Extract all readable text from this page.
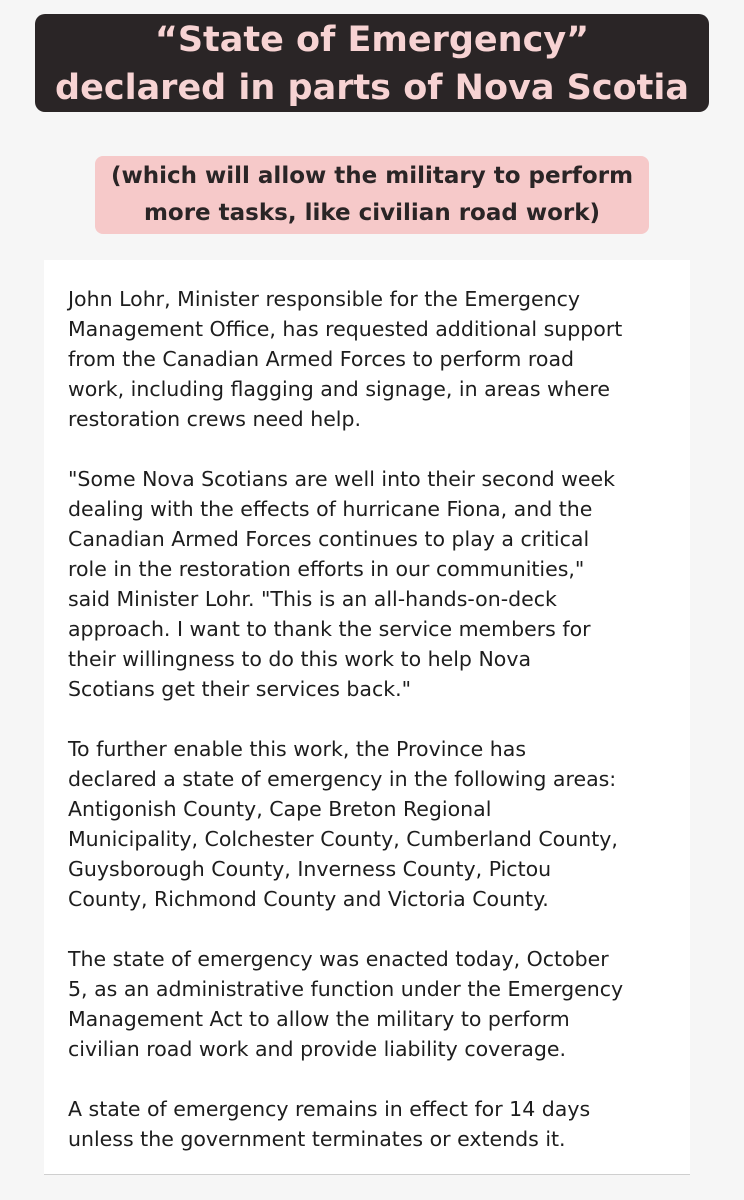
“State of Emergency”
declared in parts of Nova Scotia
(which will allow the military to perform
more tasks, like civilian road work)

John Lohr, Minister responsible for the Emergency
Management Office, has requested additional support
from the Canadian Armed Forces to perform road
work, including flagging and signage, in areas where
restoration crews need help.

"Some Nova Scotians are well into their second week
dealing with the effects of hurricane Fiona, and the
Canadian Armed Forces continues to play a critical
role in the restoration efforts in our communities,"
said Minister Lohr. "This is an all-hands-on-deck
approach. I want to thank the service members for
their willingness to do this work to help Nova
Scotians get their services back."

To further enable this work, the Province has
declared a state of emergency in the following areas:
Antigonish County, Cape Breton Regional
Municipality, Colchester County, Cumberland County,
Guysborough County, Inverness County, Pictou
County, Richmond County and Victoria County.

The state of emergency was enacted today, October
5, as an administrative function under the Emergency
Management Act to allow the military to perform
civilian road work and provide liability coverage.

A state of emergency remains in effect for 14 days
unless the government terminates or extends it.
